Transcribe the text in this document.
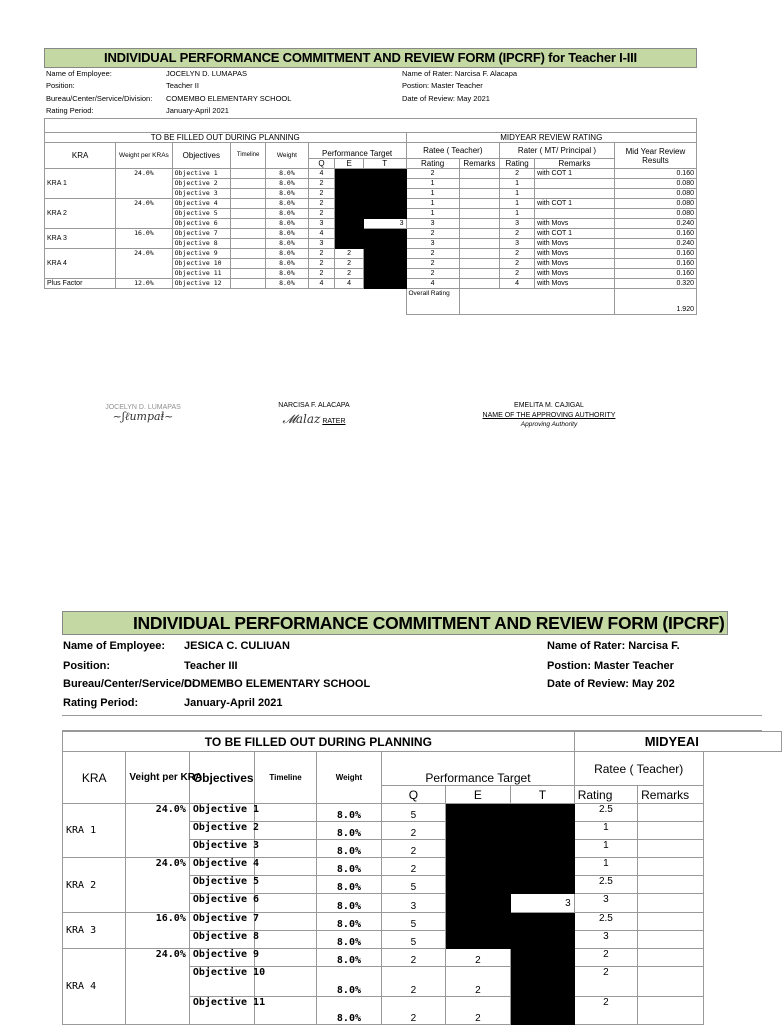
INDIVIDUAL PERFORMANCE COMMITMENT AND REVIEW FORM (IPCRF) for Teacher I-III
Name of Employee:	JOCELYN D. LUMAPAS	Name of Rater: Narcisa F. Alacapa
Position:	Teacher II	Postion: Master Teacher
Bureau/Center/Service/Division: COMEMBO ELEMENTARY SCHOOL	Date of Review: May 2021
Rating Period:	January-April 2021

TO BE FILLED OUT DURING PLANNING								MIDYEAR REVIEW RATING				
KRA	Weight per KRAs	Objectives	Timeline	Weight	Performance Target			Ratee ( Teacher)		Rater ( MT/ Principal )		Mid Year Review Results
					Q	E	T	Rating	Remarks	Rating	Remarks	
KRA 1	24.0%	Objective 1		8.0%	4			2		2	with COT 1	0.160
		Objective 2		8.0%	2			1		1		0.080
		Objective 3		8.0%	2			1		1		0.080
KRA 2	24.0%	Objective 4		8.0%	2			1		1	with COT 1	0.080
		Objective 5		8.0%	2			1		1		0.080
		Objective 6		8.0%	3		3	3		3	with Movs	0.240
KRA 3	16.0%	Objective 7		8.0%	4			2		2	with COT 1	0.160
		Objective 8		8.0%	3			3		3	with Movs	0.240
KRA 4	24.0%	Objective 9		8.0%	2	2		2		2	with Movs	0.160
		Objective 10		8.0%	2	2		2		2	with Movs	0.160
		Objective 11		8.0%	2	2		2		2	with Movs	0.160
Plus Factor	12.0%	Objective 12		8.0%	4	4		4		4	with Movs	0.320
								Overall Rating				1.920
JOCELYN D. LUMAPAS
~ʃℓumpaⱡ~
NARCISA F. ALACAPA
𝓜alaz RATER
EMELITA M. CAJIGAL
NAME OF THE APPROVING AUTHORITY
Approving Authority
INDIVIDUAL PERFORMANCE COMMITMENT AND REVIEW FORM (IPCRF)
Name of Employee: JESICA C. CULIUAN	Name of Rater: Narcisa F.
Position:	Teacher III	Postion: Master Teacher
Bureau/Center/Service/Di
COMEMBO ELEMENTARY SCHOOL	Date of Review: May 202
Rating Period:	January-April 2021
TO BE FILLED OUT DURING PLANNING								MIDYEAI		
KRA	Veight per KRA	Objectives	Timeline	Weight	Performance Target			Ratee ( Teacher)		
					Q	E	T	Rating	Remarks	
KRA 1	24.0%	Objective 1		8.0%	5			2.5		
		Objective 2		8.0%	2			1		
		Objective 3		8.0%	2			1		
KRA 2	24.0%	Objective 4		8.0%	2			1		
		Objective 5		8.0%	5			2.5		
		Objective 6		8.0%	3		3	3		
KRA 3	16.0%	Objective 7		8.0%	5			2.5		
		Objective 8		8.0%	5			3		
KRA 4	24.0%	Objective 9		8.0%	2	2		2		
		Objective 10		8.0%	2	2		2		
		Objective 11		8.0%	2	2		2		
